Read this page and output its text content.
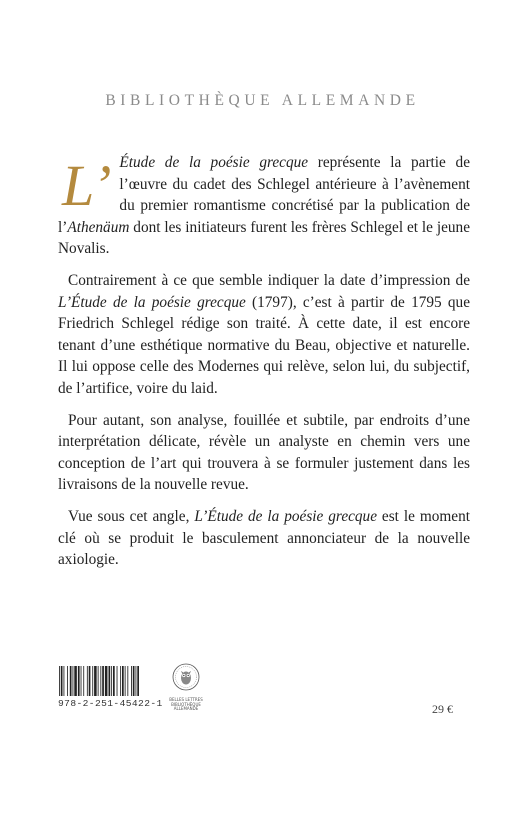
BIBLIOTHÈQUE ALLEMANDE

L’ Étude de la poésie grecque représente la partie de l’œuvre du cadet des Schlegel antérieure à l’avènement du premier romantisme concrétisé par la publication de l’Athenäum dont les initiateurs furent les frères Schlegel et le jeune Novalis.

Contrairement à ce que semble indiquer la date d’impression de L’Étude de la poésie grecque (1797), c’est à partir de 1795 que Friedrich Schlegel rédige son traité. À cette date, il est encore tenant d’une esthétique normative du Beau, objective et naturelle. Il lui oppose celle des Modernes qui relève, selon lui, du subjectif, de l’artifice, voire du laid.

Pour autant, son analyse, fouillée et subtile, par endroits d’une interprétation délicate, révèle un analyste en chemin vers une conception de l’art qui trouvera à se formuler justement dans les livraisons de la nouvelle revue.

Vue sous cet angle, L’Étude de la poésie grecque est le moment clé où se produit le basculement annonciateur de la nouvelle axiologie.

978-2-251-45422-1	BELLES LETTRES
BIBLIOTHÈQUE
ALLEMANDE	29 €
